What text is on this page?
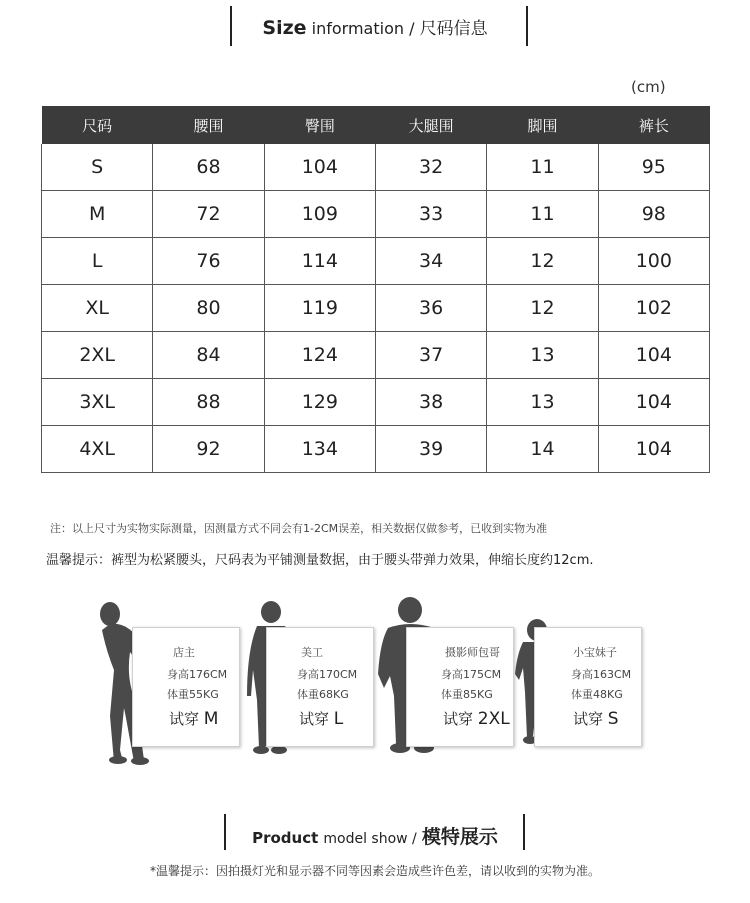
Size information / 尺码信息
(cm)
尺码	腰围	臀围	大腿围	脚围	裤长
S	68	104	32	11	95
M	72	109	33	11	98
L	76	114	34	12	100
XL	80	119	36	12	102
2XL	84	124	37	13	104
3XL	88	129	38	13	104
4XL	92	134	39	14	104
注：以上尺寸为实物实际测量，因测量方式不同会有1-2CM误差，相关数据仅做参考，已收到实物为准
温馨提示：裤型为松紧腰头，尺码表为平铺测量数据，由于腰头带弹力效果，伸缩长度约12cm.
店主
身高176CM
体重55KG
试穿 M
美工
身高170CM
体重68KG
试穿 L
摄影师包哥
身高175CM
体重85KG
试穿 2XL
小宝妹子
身高163CM
体重48KG
试穿 S
Product model show / 模特展示
*温馨提示：因拍摄灯光和显示器不同等因素会造成些许色差，请以收到的实物为准。
